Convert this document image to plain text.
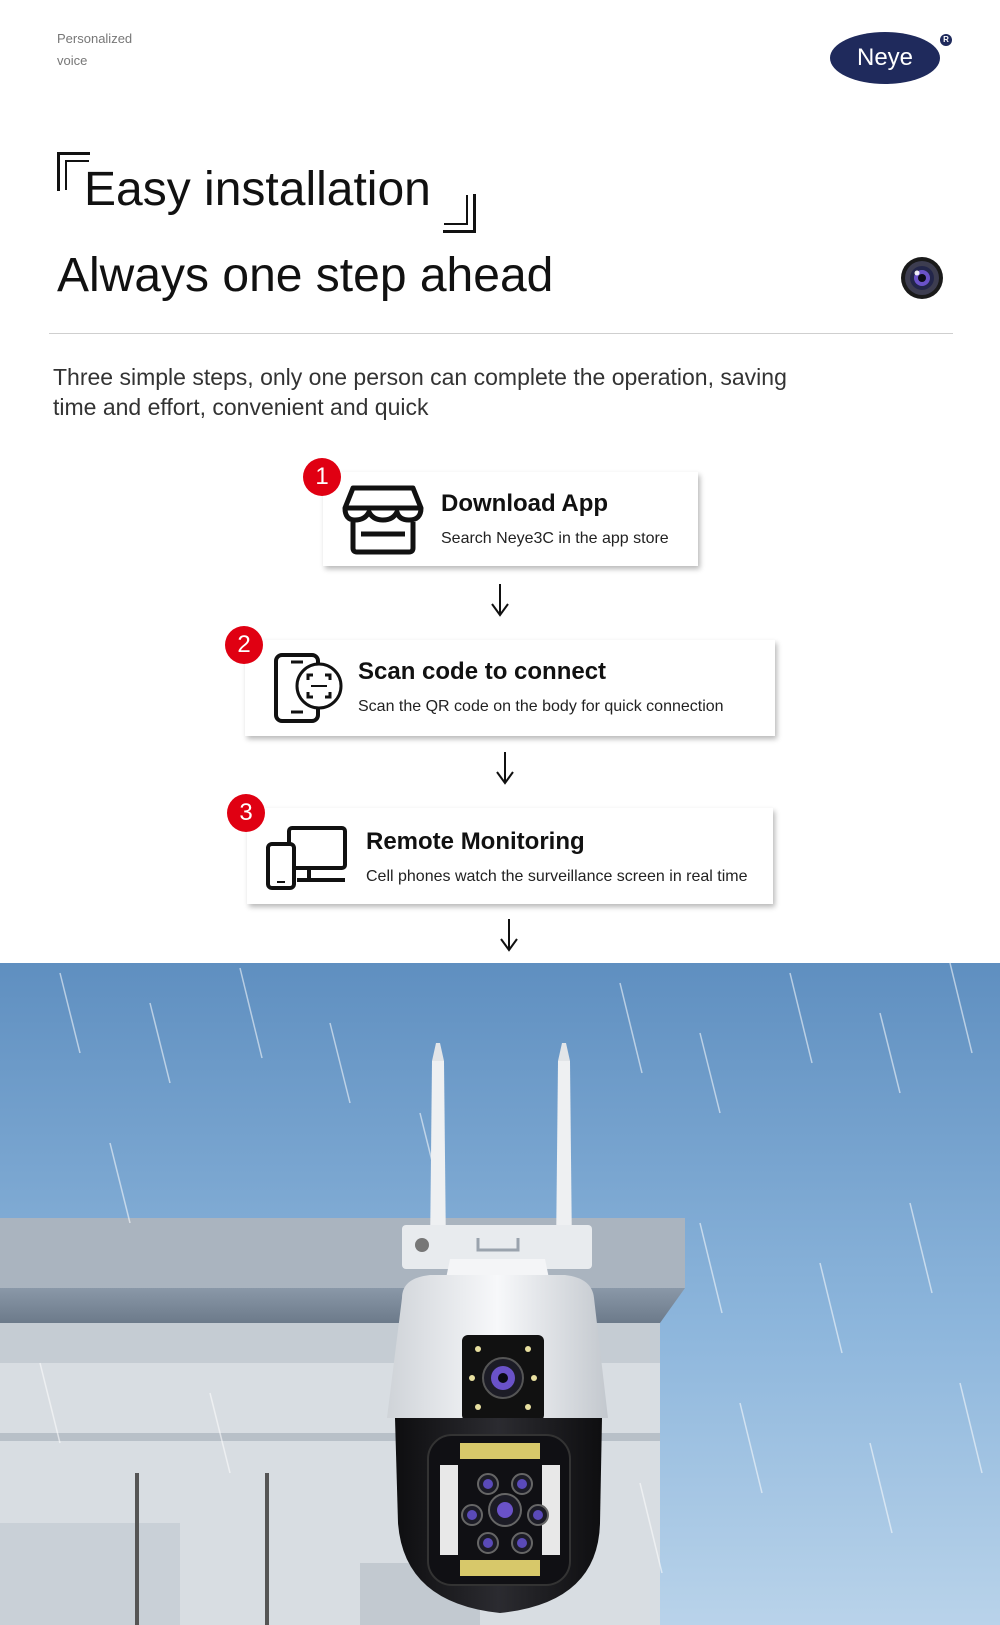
Personalized
voice	Neye
R
Easy installation
Always one step ahead
Three simple steps, only one person can complete the operation, saving time and effort, convenient and quick
Download App
Search Neye3C in the app store
1
Scan code to connect
Scan the QR code on the body for quick connection
2
Remote Monitoring
Cell phones watch the surveillance screen in real time
3
